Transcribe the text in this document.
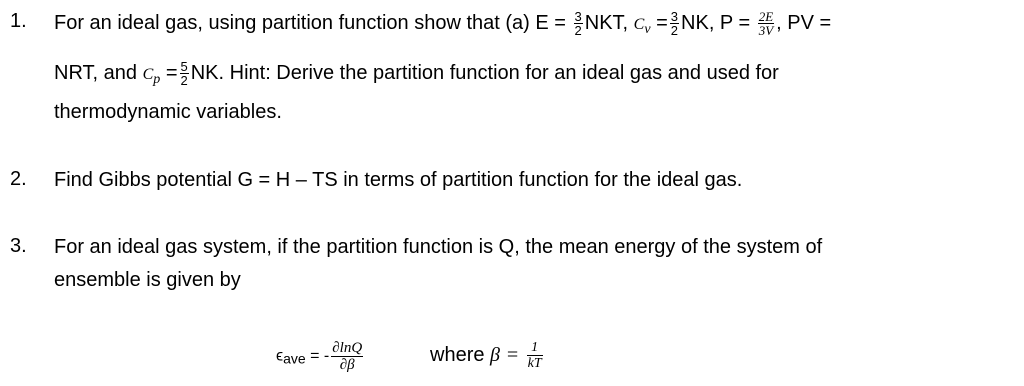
1. For an ideal gas, using partition function show that (a) $E = \frac{3}{2}$ NKT, $C_v = \frac{3}{2}$ NK, $P = \frac{2E}{3V}$ , PV =
NRT, and $C_p = \frac{5}{2}$ NK. Hint: Derive the partition function for an ideal gas and used for
thermodynamic variables.
2. Find Gibbs potential G = H – TS in terms of partition function for the ideal gas.
3. For an ideal gas system, if the partition function is Q, the mean energy of the system of
ensemble is given by
ϵave = - $\frac{\partial\ln Q}{\partial\beta}$	where $\beta = \frac{1}{kT}$
